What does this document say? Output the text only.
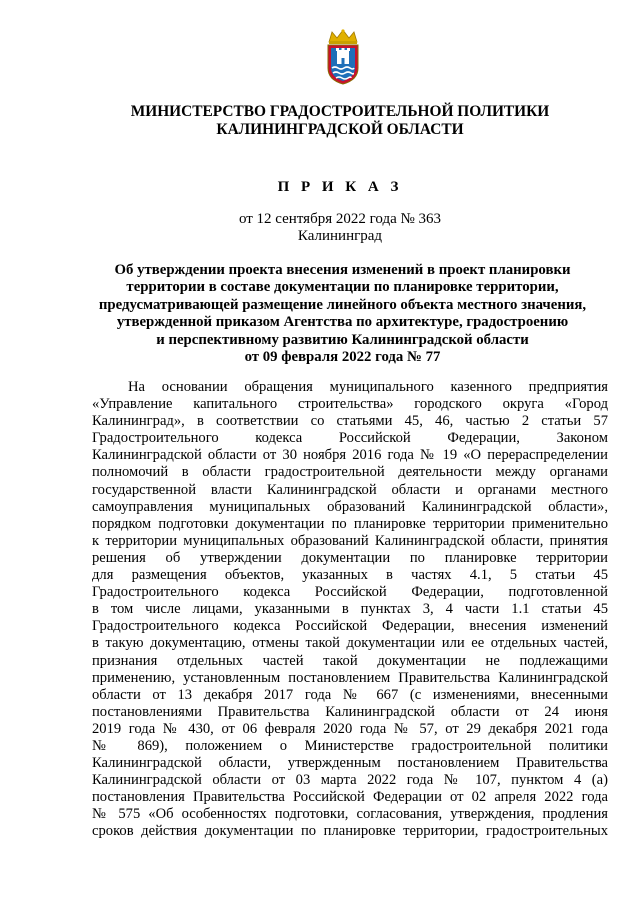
МИНИСТЕРСТВО ГРАДОСТРОИТЕЛЬНОЙ ПОЛИТИКИ
КАЛИНИНГРАДСКОЙ ОБЛАСТИ
П Р И К А З
от 12 сентября 2022 года № 363
Калининград
Об утверждении проекта внесения изменений в проект планировки
территории в составе документации по планировке территории,
предусматривающей размещение линейного объекта местного значения,
утвержденной приказом Агентства по архитектуре, градостроению
и перспективному развитию Калининградской области
от 09 февраля 2022 года № 77
На основании обращения муниципального казенного предприятия
«Управление капитального строительства» городского округа «Город
Калининград», в соответствии со статьями 45, 46, частью 2 статьи 57
Градостроительного кодекса Российской Федерации, Законом
Калининградской области от 30 ноября 2016 года № 19 «О перераспределении
полномочий в области градостроительной деятельности между органами
государственной власти Калининградской области и органами местного
самоуправления муниципальных образований Калининградской области»,
порядком подготовки документации по планировке территории применительно
к территории муниципальных образований Калининградской области, принятия
решения об утверждении документации по планировке территории
для размещения объектов, указанных в частях 4.1, 5 статьи 45
Градостроительного кодекса Российской Федерации, подготовленной
в том числе лицами, указанными в пунктах 3, 4 части 1.1 статьи 45
Градостроительного кодекса Российской Федерации, внесения изменений
в такую документацию, отмены такой документации или ее отдельных частей,
признания отдельных частей такой документации не подлежащими
применению, установленным постановлением Правительства Калининградской
области от 13 декабря 2017 года № 667 (с изменениями, внесенными
постановлениями Правительства Калининградской области от 24 июня
2019 года № 430, от 06 февраля 2020 года № 57, от 29 декабря 2021 года
№ 869), положением о Министерстве градостроительной политики
Калининградской области, утвержденным постановлением Правительства
Калининградской области от 03 марта 2022 года № 107, пунктом 4 (а)
постановления Правительства Российской Федерации от 02 апреля 2022 года
№ 575 «Об особенностях подготовки, согласования, утверждения, продления
сроков действия документации по планировке территории, градостроительных
